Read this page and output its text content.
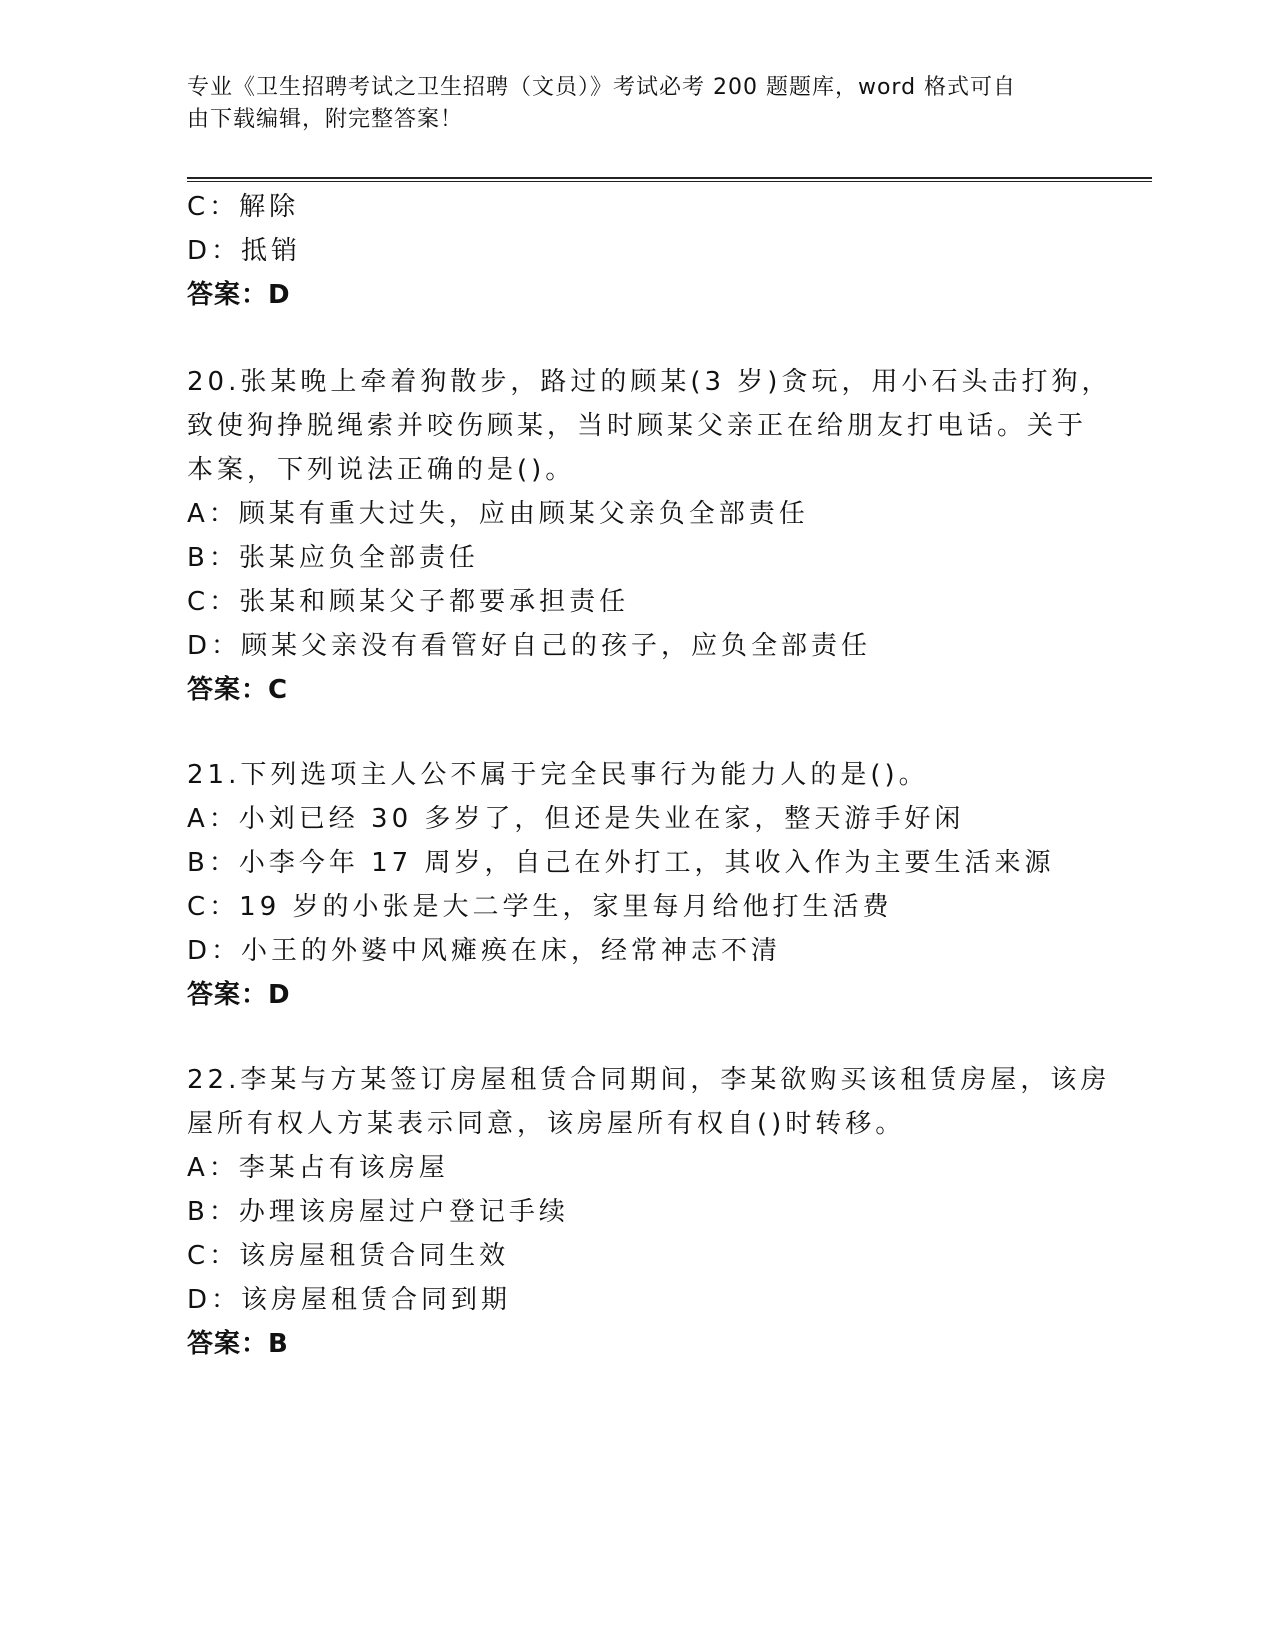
专业《卫生招聘考试之卫生招聘（文员）》考试必考 200 题题库，word 格式可自
由下载编辑，附完整答案！
C：解除
D：抵销
答案：D
20.张某晚上牵着狗散步，路过的顾某(3 岁)贪玩，用小石头击打狗，
致使狗挣脱绳索并咬伤顾某，当时顾某父亲正在给朋友打电话。关于
本案，下列说法正确的是()。
A：顾某有重大过失，应由顾某父亲负全部责任
B：张某应负全部责任
C：张某和顾某父子都要承担责任
D：顾某父亲没有看管好自己的孩子，应负全部责任
答案：C
21.下列选项主人公不属于完全民事行为能力人的是()。
A：小刘已经 30 多岁了，但还是失业在家，整天游手好闲
B：小李今年 17 周岁，自己在外打工，其收入作为主要生活来源
C：19 岁的小张是大二学生，家里每月给他打生活费
D：小王的外婆中风瘫痪在床，经常神志不清
答案：D
22.李某与方某签订房屋租赁合同期间，李某欲购买该租赁房屋，该房
屋所有权人方某表示同意，该房屋所有权自()时转移。
A：李某占有该房屋
B：办理该房屋过户登记手续
C：该房屋租赁合同生效
D：该房屋租赁合同到期
答案：B
